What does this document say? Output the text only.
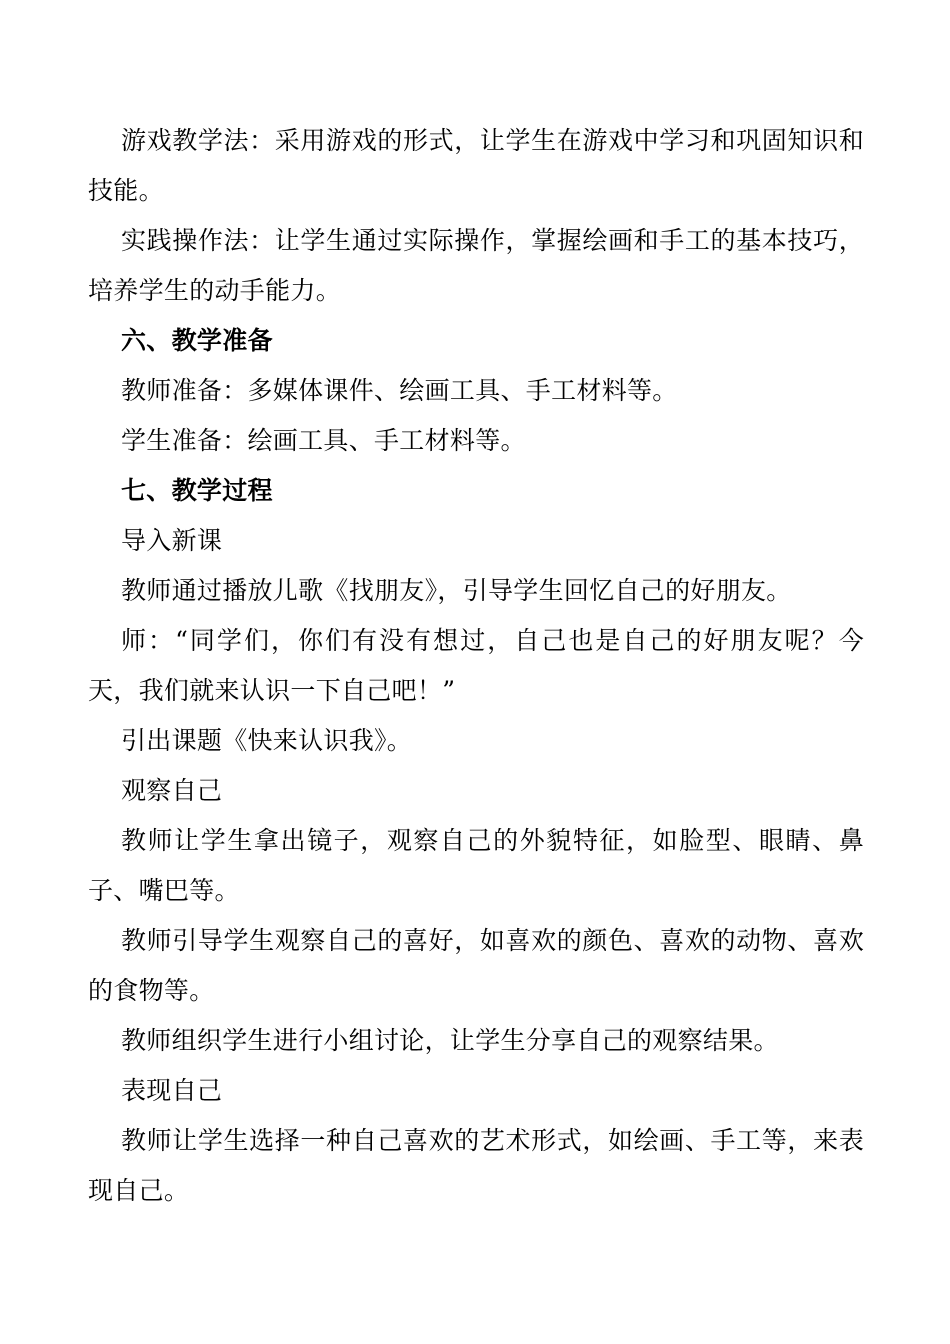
游戏教学法：采用游戏的形式，让学生在游戏中学习和巩固知识和技能。

实践操作法：让学生通过实际操作，掌握绘画和手工的基本技巧，培养学生的动手能力。

六、教学准备

教师准备：多媒体课件、绘画工具、手工材料等。

学生准备：绘画工具、手工材料等。

七、教学过程

导入新课

教师通过播放儿歌《找朋友》，引导学生回忆自己的好朋友。

师：“同学们，你们有没有想过，自己也是自己的好朋友呢？今天，我们就来认识一下自己吧！”

引出课题《快来认识我》。

观察自己

教师让学生拿出镜子，观察自己的外貌特征，如脸型、眼睛、鼻子、嘴巴等。

教师引导学生观察自己的喜好，如喜欢的颜色、喜欢的动物、喜欢的食物等。

教师组织学生进行小组讨论，让学生分享自己的观察结果。

表现自己

教师让学生选择一种自己喜欢的艺术形式，如绘画、手工等，来表现自己。
